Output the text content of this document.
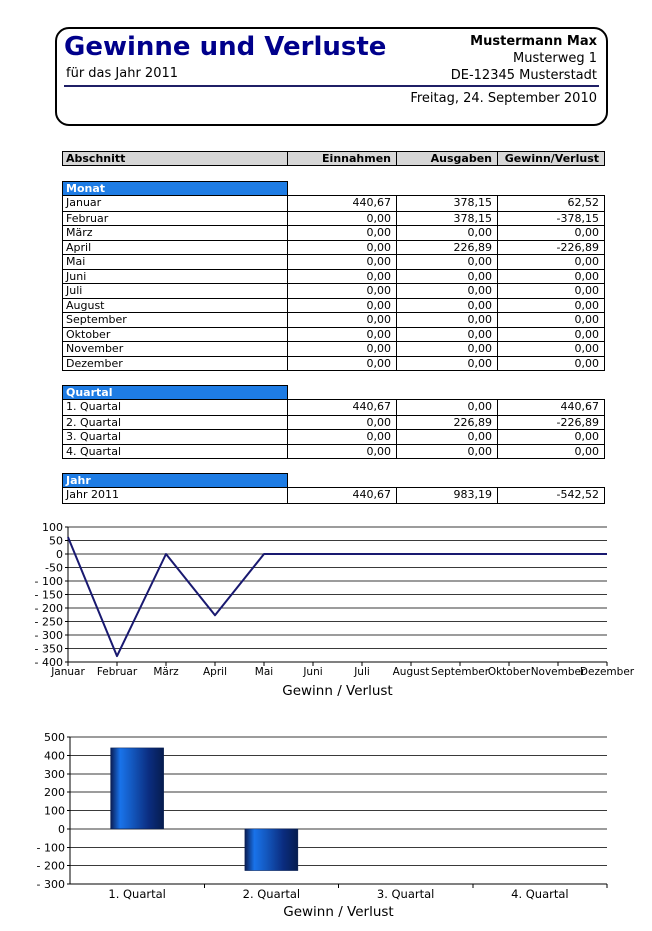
Gewinne und Verluste
für das Jahr 2011
Mustermann Max
Musterweg 1
DE-12345 Musterstadt
Freitag, 24. September 2010
Abschnitt	Einnahmen	Ausgaben	Gewinn/Verlust
Monat
Januar	440,67	378,15	62,52
Februar	0,00	378,15	-378,15
März	0,00	0,00	0,00
April	0,00	226,89	-226,89
Mai	0,00	0,00	0,00
Juni	0,00	0,00	0,00
Juli	0,00	0,00	0,00
August	0,00	0,00	0,00
September	0,00	0,00	0,00
Oktober	0,00	0,00	0,00
November	0,00	0,00	0,00
Dezember	0,00	0,00	0,00
Quartal
1. Quartal	440,67	0,00	440,67
2. Quartal	0,00	226,89	-226,89
3. Quartal	0,00	0,00	0,00
4. Quartal	0,00	0,00	0,00
Jahr
Jahr 2011	440,67	983,19	-542,52
100
50
0
-50
- 100
- 150
- 200
- 250
- 300
- 350
- 400
Januar Februar März April	Mai	Juni	Juli August September
Oktober November
Dezember
Gewinn / Verlust
500
400
300
200
100
0
- 100
- 200
- 300
1. Quartal	2. Quartal	3. Quartal	4. Quartal
Gewinn / Verlust
